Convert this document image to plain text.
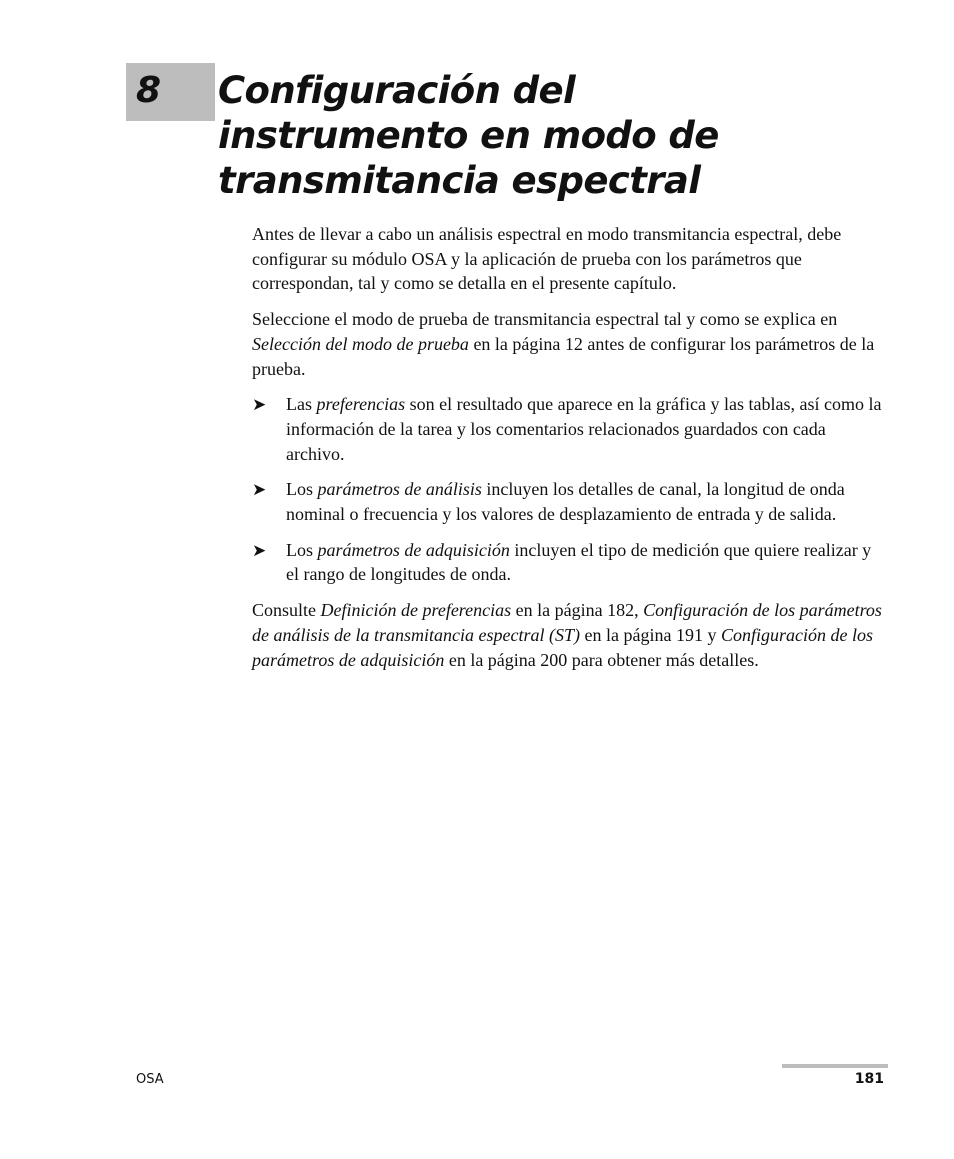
8 Configuración del
instrumento en modo de
transmitancia espectral

Antes de llevar a cabo un análisis espectral en modo transmitancia espectral, debe configurar su módulo OSA y la aplicación de prueba con los parámetros que correspondan, tal y como se detalla en el presente capítulo.

Seleccione el modo de prueba de transmitancia espectral tal y como se explica en Selección del modo de prueba en la página 12 antes de configurar los parámetros de la prueba.

➤ Las preferencias son el resultado que aparece en la gráfica y las tablas, así como la información de la tarea y los comentarios relacionados guardados con cada archivo.
➤ Los parámetros de análisis incluyen los detalles de canal, la longitud de onda nominal o frecuencia y los valores de desplazamiento de entrada y de salida.
➤ Los parámetros de adquisición incluyen el tipo de medición que quiere realizar y el rango de longitudes de onda.

Consulte Definición de preferencias en la página 182, Configuración de los parámetros de análisis de la transmitancia espectral (ST) en la página 191 y Configuración de los parámetros de adquisición en la página 200 para obtener más detalles.

OSA	181
